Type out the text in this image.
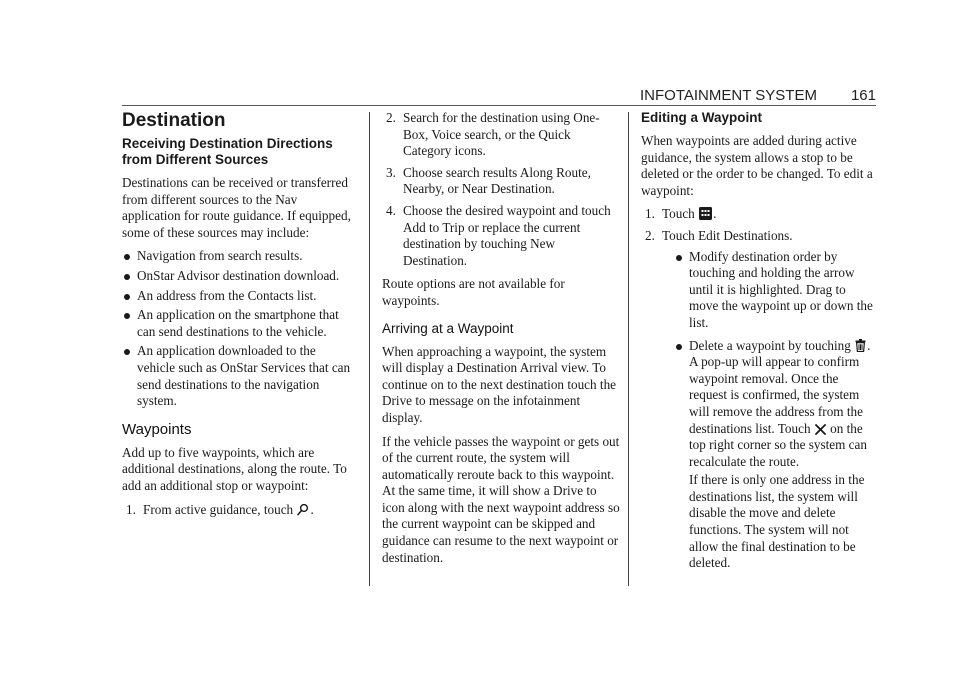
INFOTAINMENT SYSTEM 161
Destination
Receiving Destination Directions from Different Sources

Destinations can be received or transferred from different sources to the Nav application for route guidance. If equipped, some of these sources may include:

Navigation from search results.
OnStar Advisor destination download.
An address from the Contacts list.
An application on the smartphone that can send destinations to the vehicle.
An application downloaded to the vehicle such as OnStar Services that can send destinations to the navigation system.
Waypoints

Add up to five waypoints, which are additional destinations, along the route. To add an additional stop or waypoint:

1. From active guidance, touch .
2. Search for the destination using One-Box, Voice search, or the Quick Category icons.
3. Choose search results Along Route, Nearby, or Near Destination.
4. Choose the desired waypoint and touch Add to Trip or replace the current destination by touching New Destination.

Route options are not available for waypoints.

Arriving at a Waypoint

When approaching a waypoint, the system will display a Destination Arrival view. To continue on to the next destination touch the Drive to message on the infotainment display.

If the vehicle passes the waypoint or gets out of the current route, the system will automatically reroute back to this waypoint. At the same time, it will show a Drive to icon along with the next waypoint address so the current waypoint can be skipped and guidance can resume to the next waypoint or destination.

Editing a Waypoint

When waypoints are added during active guidance, the system allows a stop to be deleted or the order to be changed. To edit a waypoint:

1. Touch .
2. Touch Edit Destinations.
Modify destination order by touching and holding the arrow until it is highlighted. Drag to move the waypoint up or down the list.
Delete a waypoint by touching . A pop-up will appear to confirm waypoint removal. Once the request is confirmed, the system will remove the address from the destinations list. Touch
on the top right corner so the system can recalculate the route.

If there is only one address in the destinations list, the system will disable the move and delete functions. The system will not allow the final destination to be deleted.
